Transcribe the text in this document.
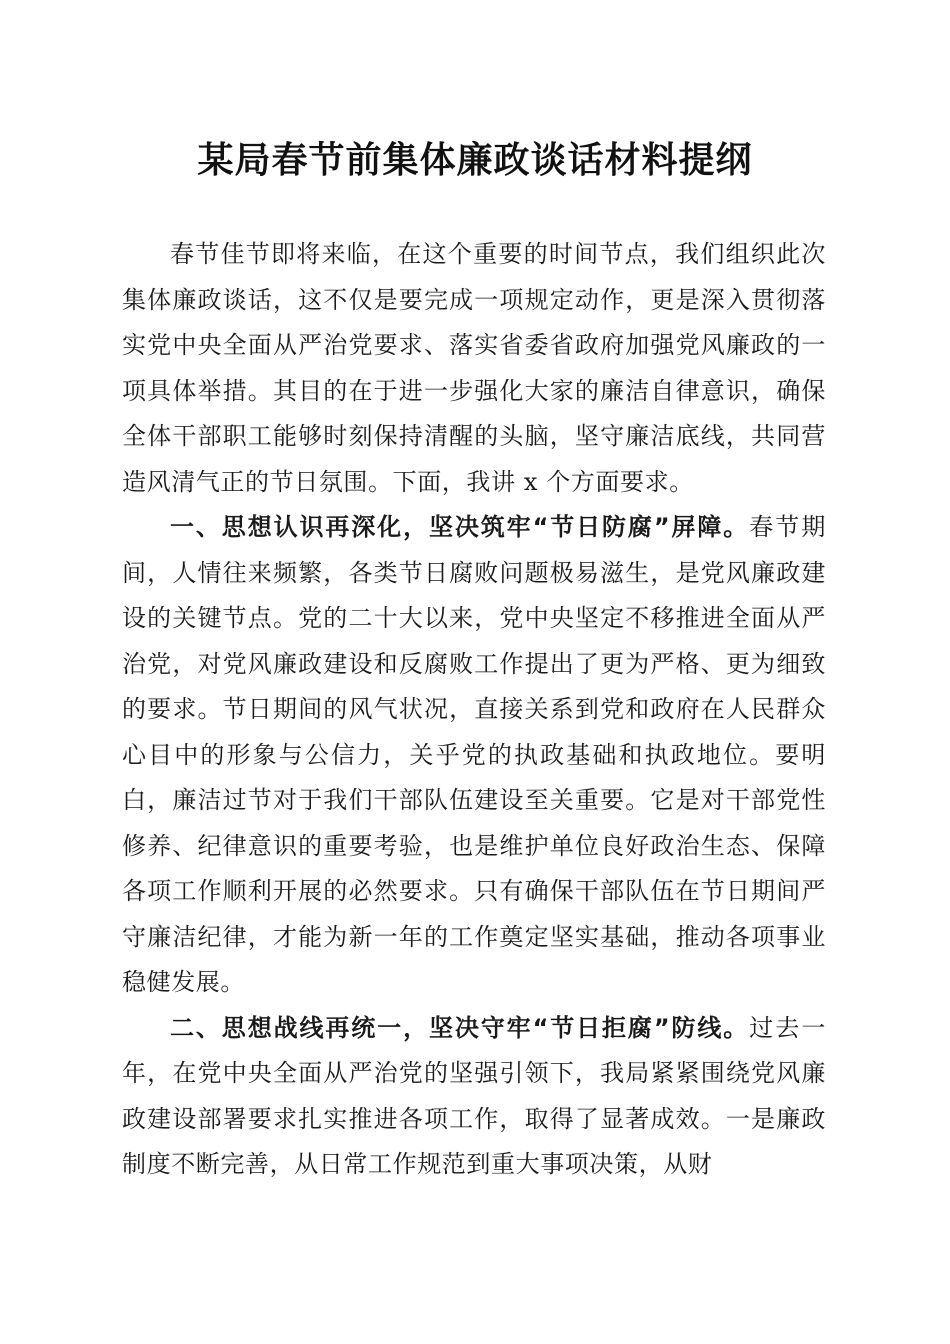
某局春节前集体廉政谈话材料提纲

春节佳节即将来临，在这个重要的时间节点，我们组织此次集体廉政谈话，这不仅是要完成一项规定动作，更是深入贯彻落实党中央全面从严治党要求、落实省委省政府加强党风廉政的一项具体举措。其目的在于进一步强化大家的廉洁自律意识，确保全体干部职工能够时刻保持清醒的头脑，坚守廉洁底线，共同营造风清气正的节日氛围。下面，我讲 x 个方面要求。

一、思想认识再深化，坚决筑牢“节日防腐”屏障。春节期间，人情往来频繁，各类节日腐败问题极易滋生，是党风廉政建设的关键节点。党的二十大以来，党中央坚定不移推进全面从严治党，对党风廉政建设和反腐败工作提出了更为严格、更为细致的要求。节日期间的风气状况，直接关系到党和政府在人民群众心目中的形象与公信力，关乎党的执政基础和执政地位。要明白，廉洁过节对于我们干部队伍建设至关重要。它是对干部党性修养、纪律意识的重要考验，也是维护单位良好政治生态、保障各项工作顺利开展的必然要求。只有确保干部队伍在节日期间严守廉洁纪律，才能为新一年的工作奠定坚实基础，推动各项事业稳健发展。

二、思想战线再统一，坚决守牢“节日拒腐”防线。过去一年，在党中央全面从严治党的坚强引领下，我局紧紧围绕党风廉政建设部署要求扎实推进各项工作，取得了显著成效。一是廉政制度不断完善，从日常工作规范到重大事项决策，从财
